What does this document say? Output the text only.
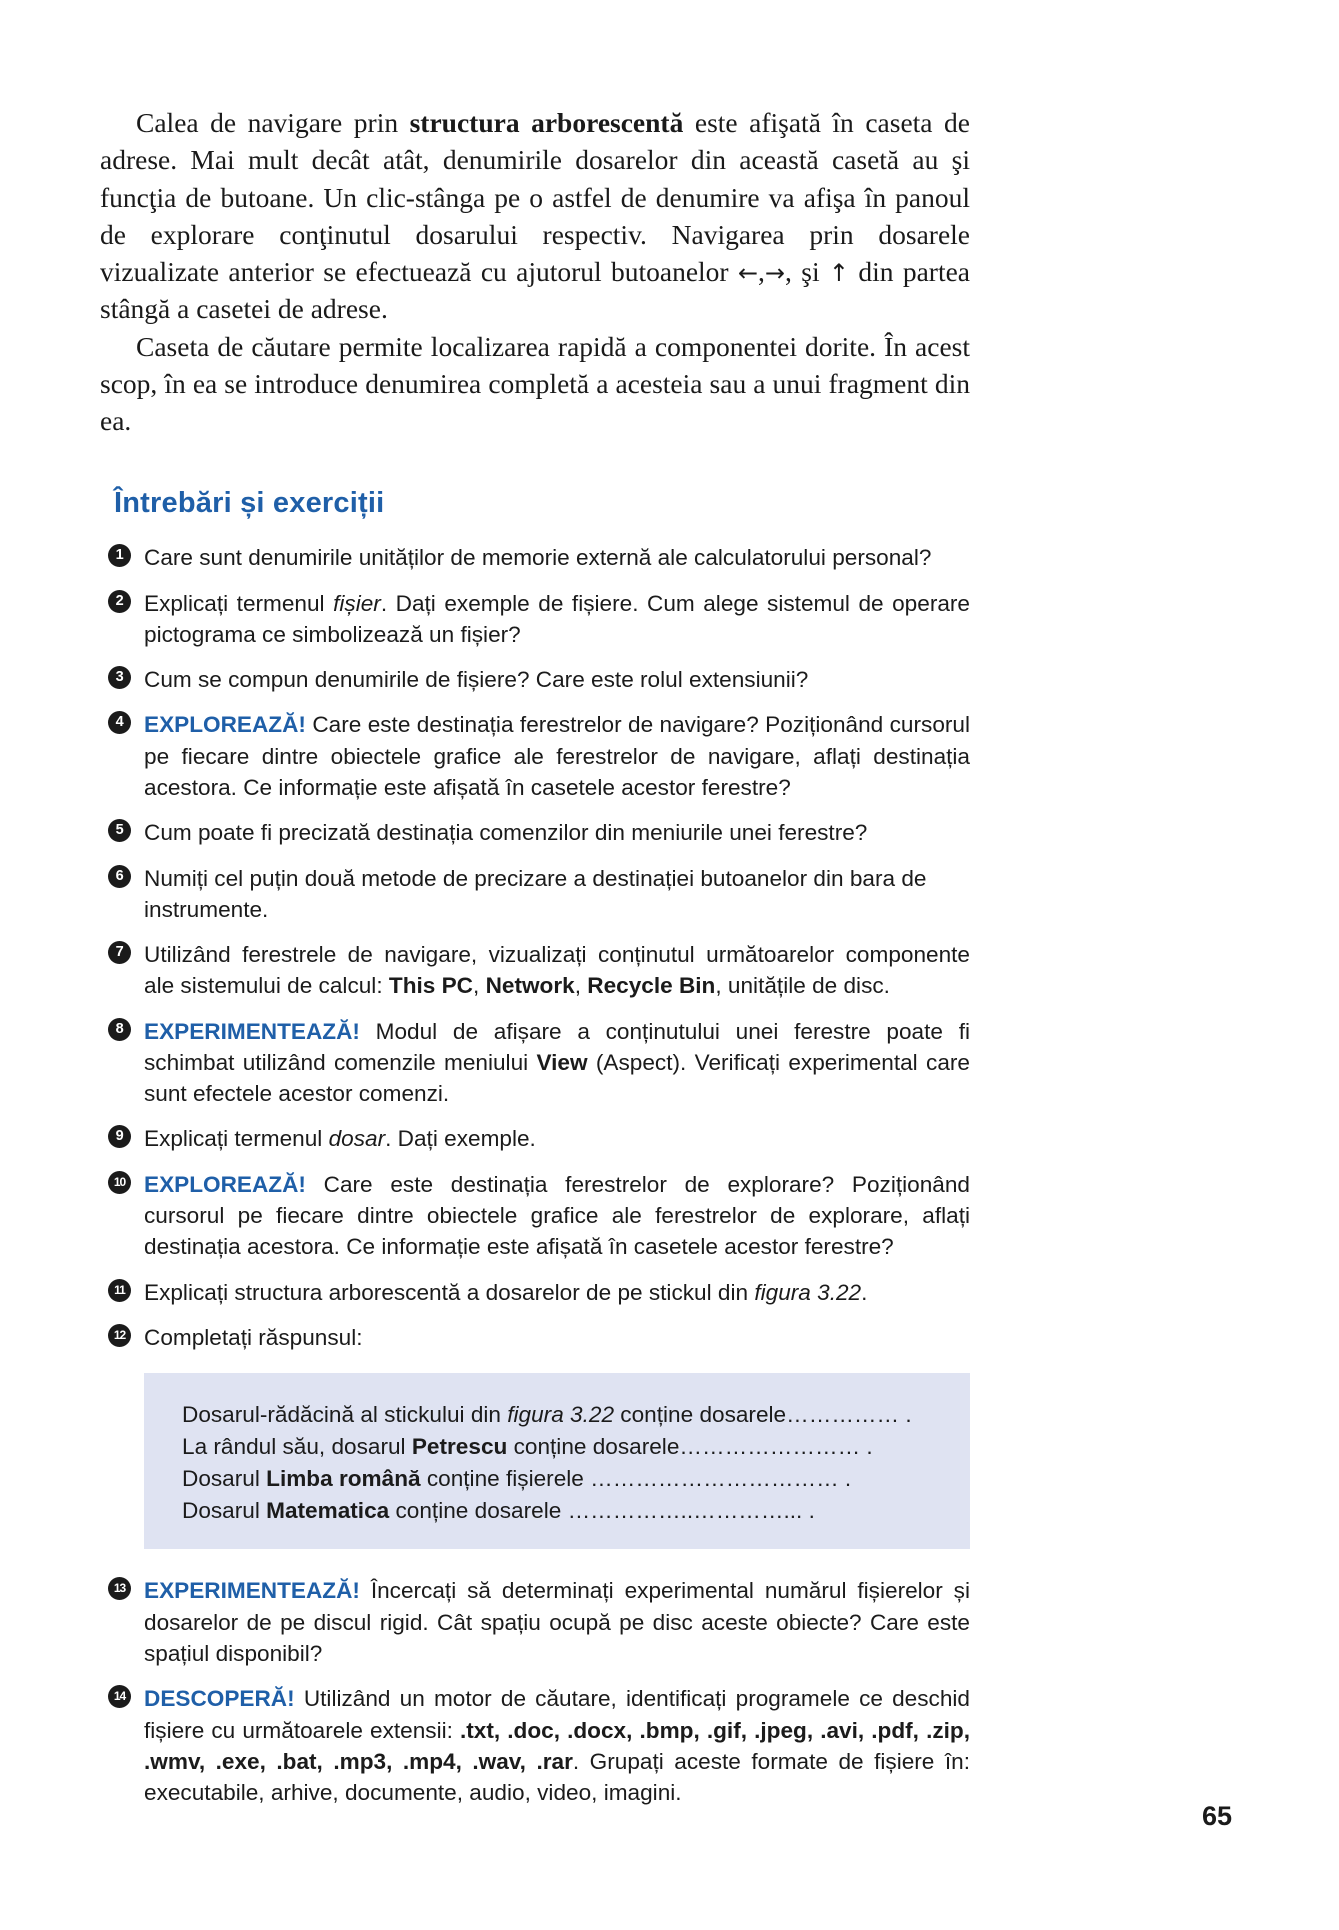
Calea de navigare prin structura arborescentă este afişată în caseta de adrese. Mai mult decât atât, denumirile dosarelor din această casetă au şi funcţia de butoane. Un clic-stânga pe o astfel de denumire va afişa în panoul de explorare conţinutul dosarului respectiv. Navigarea prin dosarele vizualizate anterior se efectuează cu ajutorul butoanelor ←,→, şi ↑ din partea stângă a casetei de adrese.

Caseta de căutare permite localizarea rapidă a componentei dorite. În acest scop, în ea se introduce denumirea completă a acesteia sau a unui fragment din ea.

Întrebări și exerciții
1 Care sunt denumirile unităților de memorie externă ale calculatorului personal?
2 Explicați termenul fișier. Dați exemple de fișiere. Cum alege sistemul de operare pictograma ce simbolizează un fișier?
3 Cum se compun denumirile de fișiere? Care este rolul extensiunii?
4 EXPLOREAZĂ! Care este destinația ferestrelor de navigare? Poziționând cursorul pe fiecare dintre obiectele grafice ale ferestrelor de navigare, aflați destinația acestora. Ce informație este afișată în casetele acestor ferestre?
5 Cum poate fi precizată destinația comenzilor din meniurile unei ferestre?
6 Numiți cel puțin două metode de precizare a destinației butoanelor din bara de instrumente.
7 Utilizând ferestrele de navigare, vizualizați conținutul următoarelor componente ale sistemului de calcul: This PC, Network, Recycle Bin, unitățile de disc.
8 EXPERIMENTEAZĂ! Modul de afișare a conținutului unei ferestre poate fi schimbat utilizând comenzile meniului View (Aspect). Verificați experimental care sunt efectele acestor comenzi.
9 Explicați termenul dosar. Dați exemple.
10 EXPLOREAZĂ! Care este destinația ferestrelor de explorare? Poziționând cursorul pe fiecare dintre obiectele grafice ale ferestrelor de explorare, aflați destinația acestora. Ce informație este afișată în casetele acestor ferestre?
11 Explicați structura arborescentă a dosarelor de pe stickul din figura 3.22.
12 Completați răspunsul:
Dosarul-rădăcină al stickului din figura 3.22 conține dosarele…………… .
La rândul său, dosarul Petrescu conține dosarele…………………… .
Dosarul Limba română conține fișierele …………………………… .
Dosarul Matematica conține dosarele ……………..…………... .
13 EXPERIMENTEAZĂ! Încercați să determinați experimental numărul fișierelor și dosarelor de pe discul rigid. Cât spațiu ocupă pe disc aceste obiecte? Care este spațiul disponibil?
14 DESCOPERĂ! Utilizând un motor de căutare, identificați programele ce deschid fișiere cu următoarele extensii: .txt, .doc, .docx, .bmp, .gif, .jpeg, .avi, .pdf, .zip, .wmv, .exe, .bat, .mp3, .mp4, .wav, .rar. Grupați aceste formate de fișiere în: executabile, arhive, documente, audio, video, imagini.
65
